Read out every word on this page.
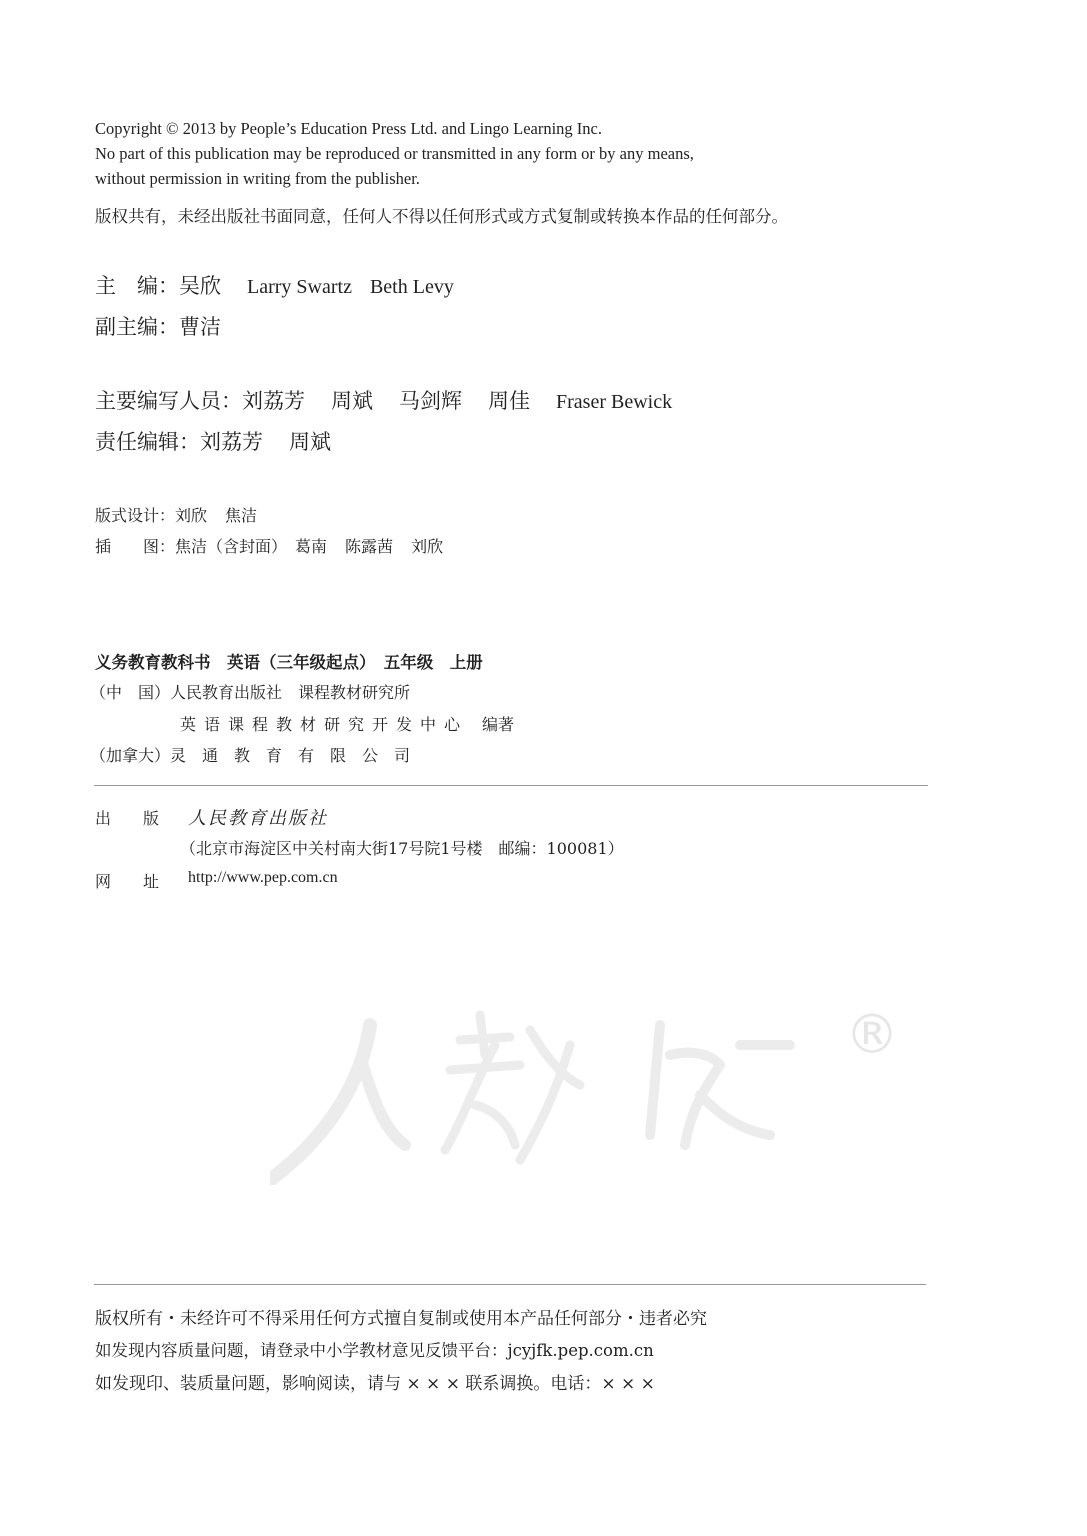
Copyright © 2013 by People’s Education Press Ltd. and Lingo Learning Inc.
No part of this publication may be reproduced or transmitted in any form or by any means,
without permission in writing from the publisher.
版权共有，未经出版社书面同意，任何人不得以任何形式或方式复制或转换本作品的任何部分。
主　编：吴欣 Larry Swartz Beth Levy
副主编：曹洁
主要编写人员：刘荔芳 周斌 马剑辉 周佳 Fraser Bewick
责任编辑：刘荔芳 周斌
版式设计：刘欣 焦洁
插　　图：焦洁（含封面） 葛南 陈露茜 刘欣
义务教育教科书　英语（三年级起点）　五年级　上册
（中　国）人民教育出版社　课程教材研究所
英语课程教材研究开发中心 编著
（加拿大）灵通教育有限公司
出　　版 人民教育出版社
（北京市海淀区中关村南大街17号院1号楼　邮编：100081）
网　　址 http://www.pep.com.cn
®
版权所有・未经许可不得采用任何方式擅自复制或使用本产品任何部分・违者必究
如发现内容质量问题，请登录中小学教材意见反馈平台：jcyjfk.pep.com.cn
如发现印、装质量问题，影响阅读，请与 × × × 联系调换。电话：× × ×
